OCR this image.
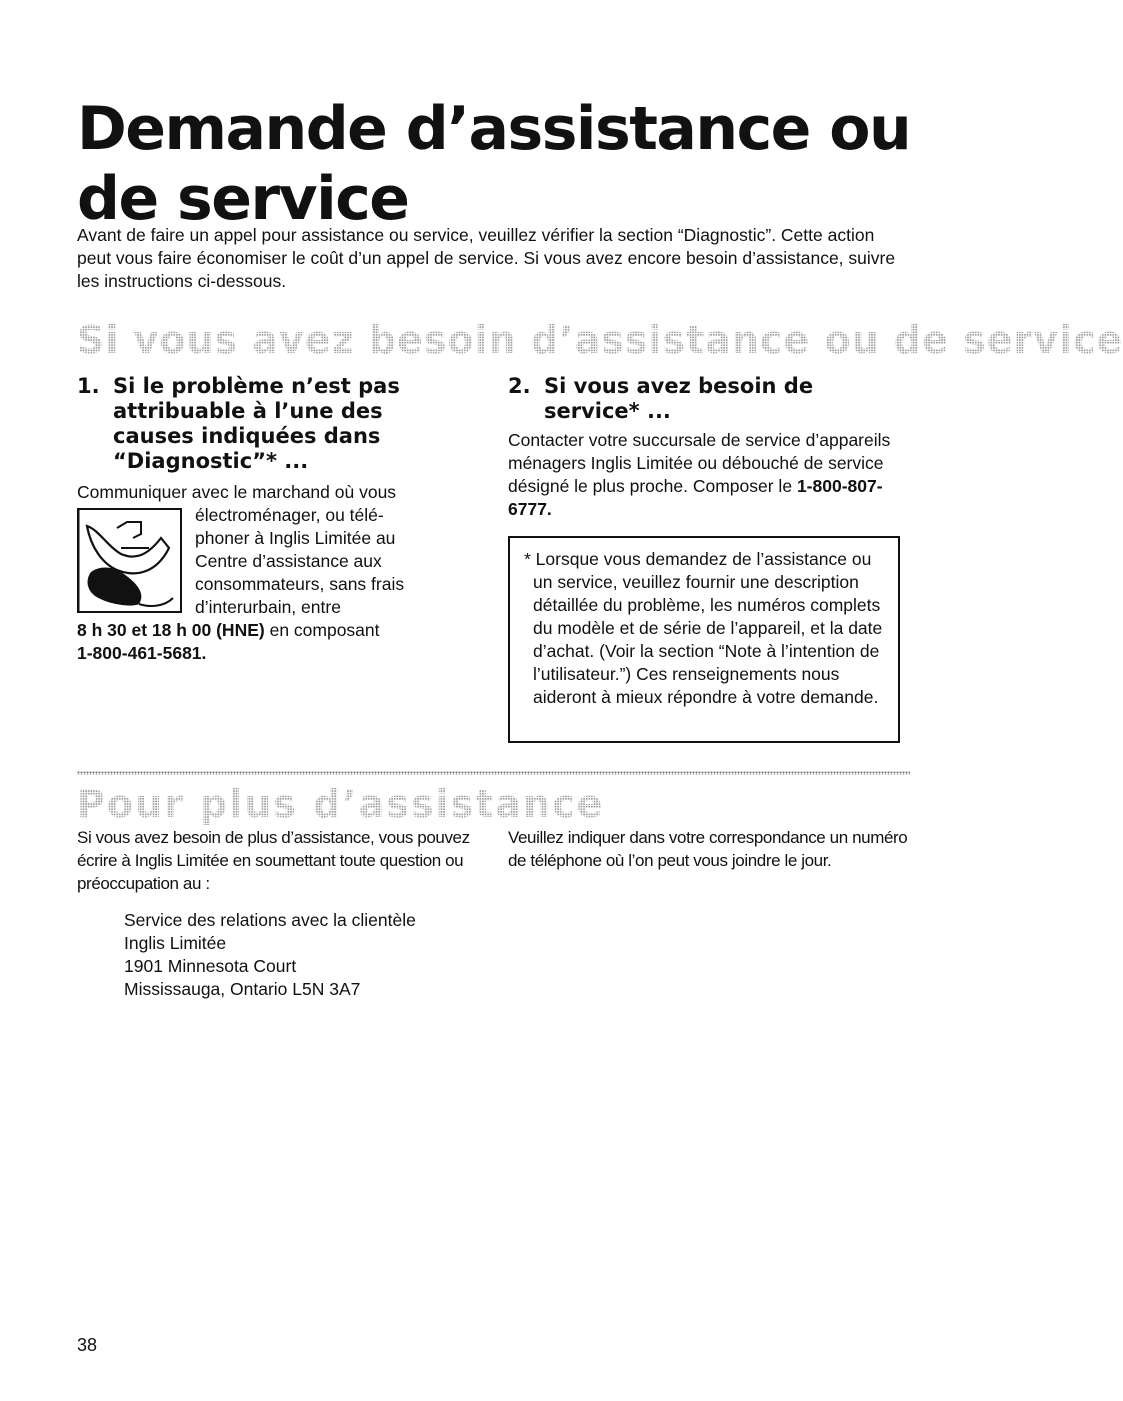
Demande d’assistance ou de service

Avant de faire un appel pour assistance ou service, veuillez vérifier la section “Diagnostic”. Cette action peut vous faire économiser le coût d’un appel de service. Si vous avez encore besoin d’assistance, suivre les instructions ci-dessous.

Si vous avez besoin d’assistance ou de service
1. Si le problème n’est pas attribuable à l’une des causes indiquées dans “Diagnostic”* ...

Communiquer avec le marchand où vous

électroménager, ou télé-
phoner à Inglis Limitée au
Centre d’assistance aux
consommateurs, sans frais
d’interurbain, entre

8 h 30 et 18 h 00 (HNE) en composant

1-800-461-5681.

2. Si vous avez besoin de service* ...

Contacter votre succursale de service d’appareils ménagers Inglis Limitée ou débouché de service désigné le plus proche. Composer le 1-800-807-6777.

* Lorsque vous demandez de l’assistance ou un service, veuillez fournir une description détaillée du problème, les numéros complets du modèle et de série de l’appareil, et la date d’achat. (Voir la section “Note à l’intention de l’utilisateur.”) Ces renseignements nous aideront à mieux répondre à votre demande.

Pour plus d’assistance

Si vous avez besoin de plus d’assistance, vous pouvez écrire à Inglis Limitée en soumettant toute question ou préoccupation au :

Service des relations avec la clientèle
Inglis Limitée
1901 Minnesota Court
Mississauga, Ontario L5N 3A7

Veuillez indiquer dans votre correspondance un numéro de téléphone où l’on peut vous joindre le jour.

38
